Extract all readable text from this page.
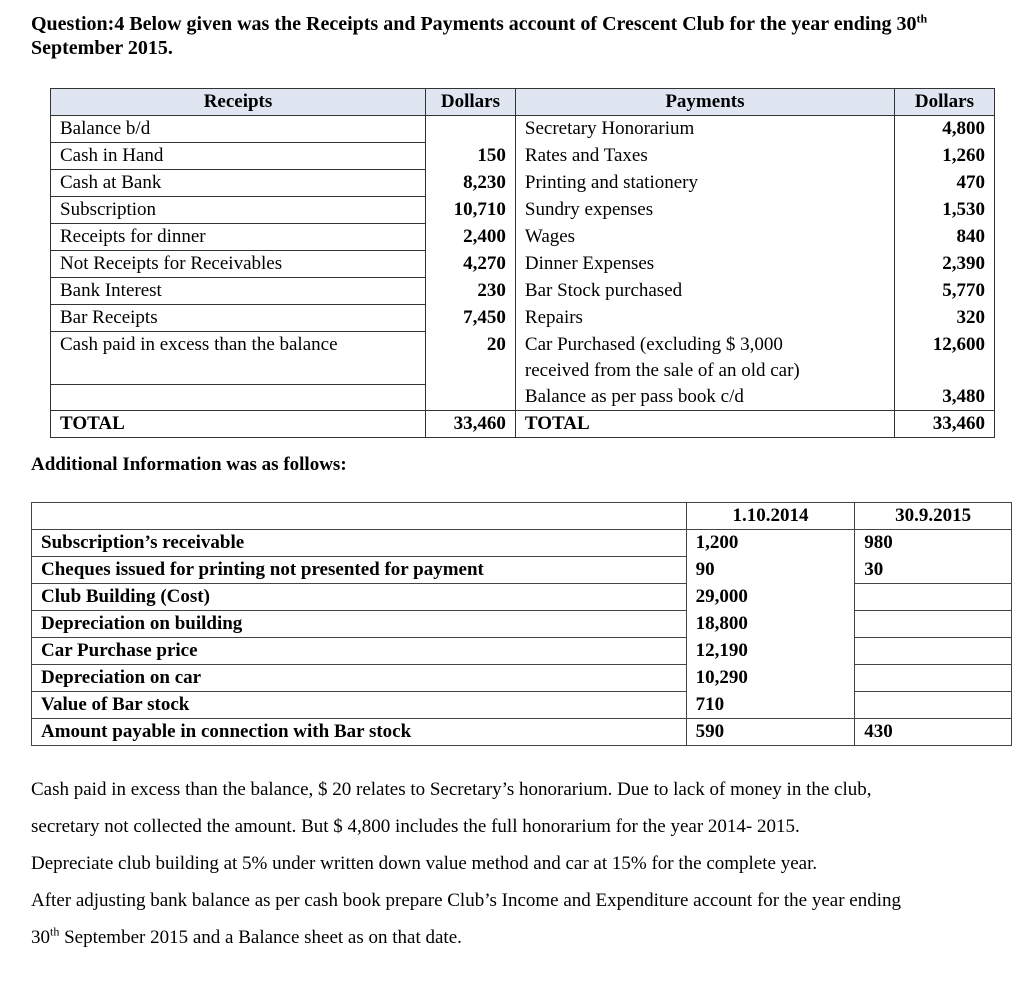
Question:4 Below given was the Receipts and Payments account of Crescent Club for the year ending 30th September 2015.
Receipts	Dollars	Payments	Dollars
Balance b/d		Secretary Honorarium	4,800
Cash in Hand	150	Rates and Taxes	1,260
Cash at Bank	8,230	Printing and stationery	470
Subscription	10,710	Sundry expenses	1,530
Receipts for dinner	2,400	Wages	840
Not Receipts for Receivables	4,270	Dinner Expenses	2,390
Bank Interest	230	Bar Stock purchased	5,770
Bar Receipts	7,450	Repairs	320
Cash paid in excess than the balance	20	Car Purchased (excluding $ 3,000	12,600
		received from the sale of an old car)	
		Balance as per pass book c/d	3,480
TOTAL	33,460	TOTAL	33,460
Additional Information was as follows:
	1.10.2014	30.9.2015
Subscription’s receivable	1,200	980
Cheques issued for printing not presented for payment	90	30
Club Building (Cost)	29,000	
Depreciation on building	18,800	
Car Purchase price	12,190	
Depreciation on car	10,290	
Value of Bar stock	710	
Amount payable in connection with Bar stock	590	430

Cash paid in excess than the balance, $ 20 relates to Secretary’s honorarium. Due to lack of money in the club,

secretary not collected the amount. But $ 4,800 includes the full honorarium for the year 2014- 2015.

Depreciate club building at 5% under written down value method and car at 15% for the complete year.

After adjusting bank balance as per cash book prepare Club’s Income and Expenditure account for the year ending

30th September 2015 and a Balance sheet as on that date.
